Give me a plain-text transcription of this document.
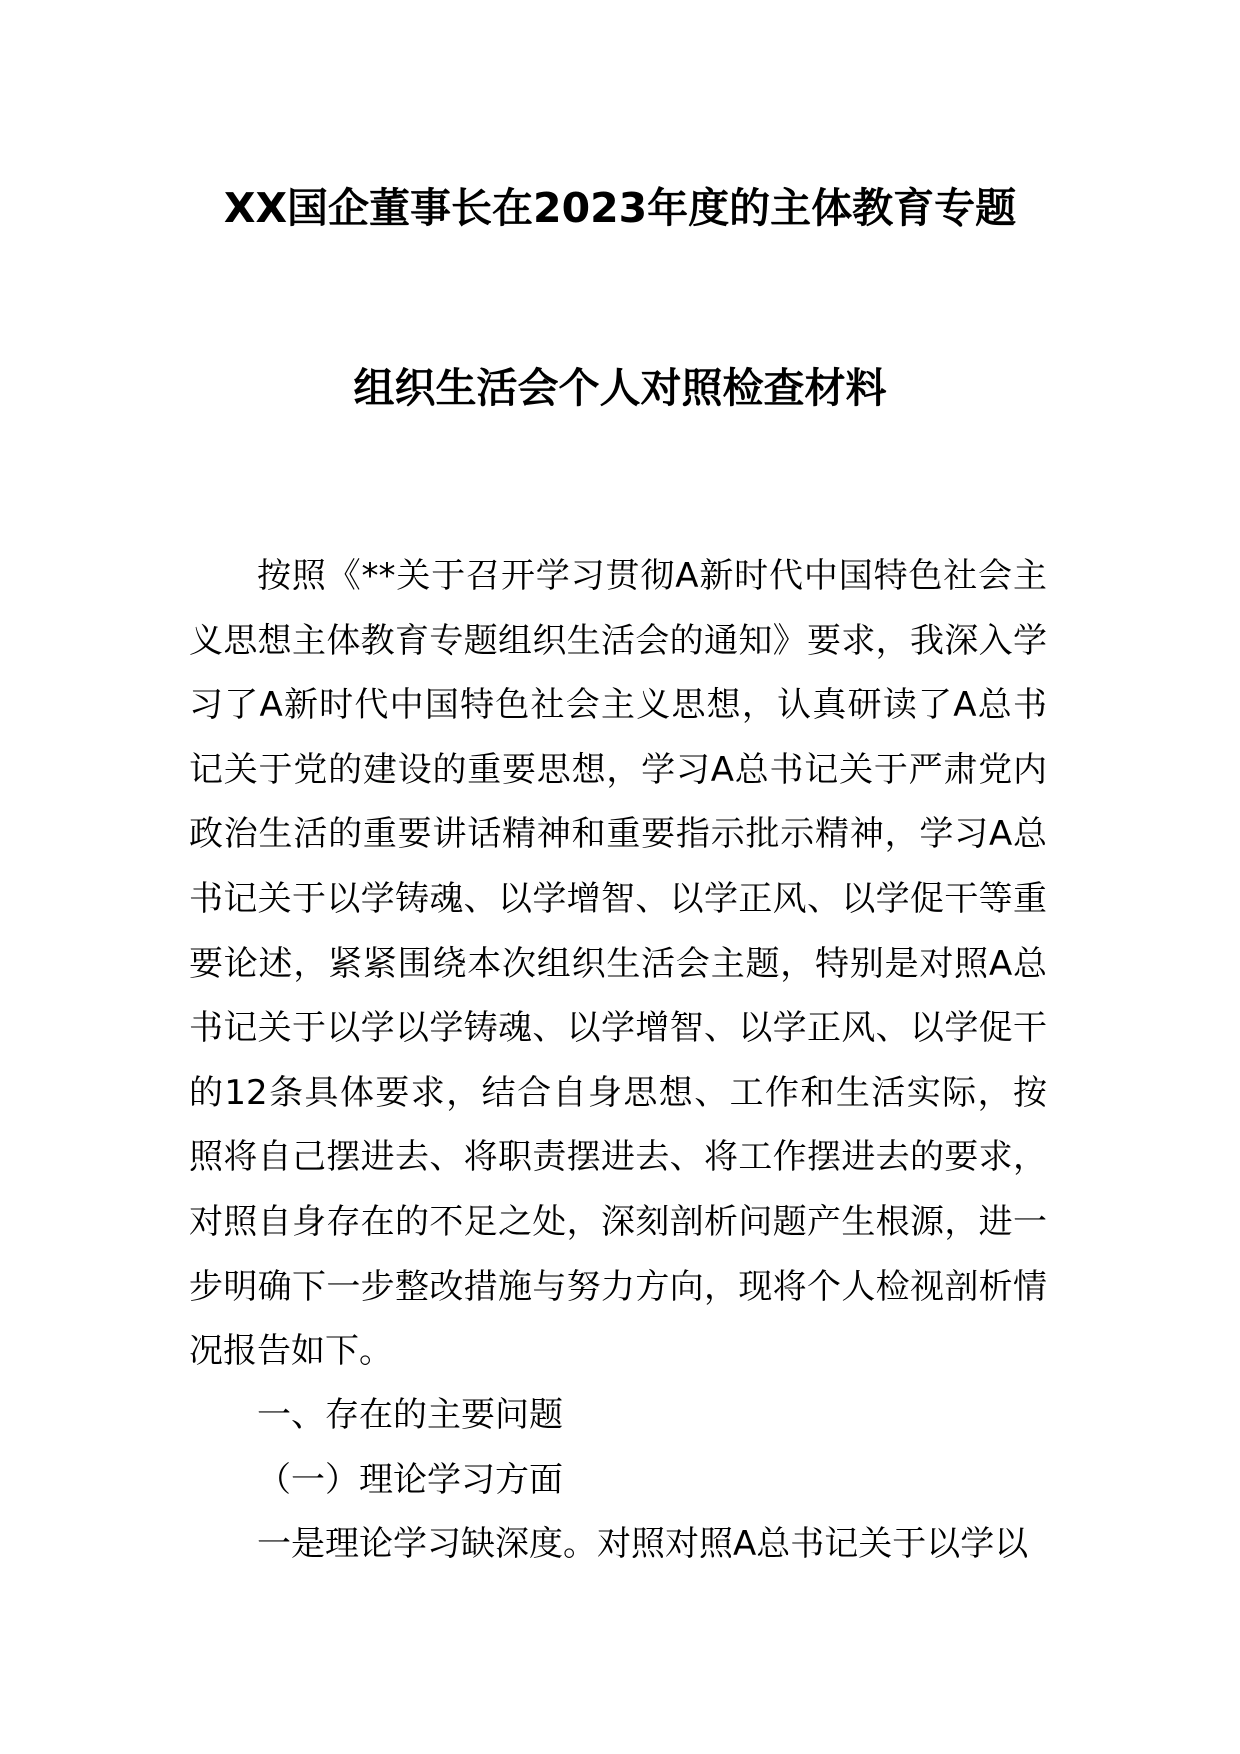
XX国企董事长在2023年度的主体教育专题
组织生活会个人对照检查材料
按照《**关于召开学习贯彻A新时代中国特色社会主义思想主体教育专题组织生活会的通知》要求，我深入学习了A新时代中国特色社会主义思想，认真研读了A总书记关于党的建设的重要思想，学习A总书记关于严肃党内政治生活的重要讲话精神和重要指示批示精神，学习A总书记关于以学铸魂、以学增智、以学正风、以学促干等重要论述，紧紧围绕本次组织生活会主题，特别是对照A总书记关于以学以学铸魂、以学增智、以学正风、以学促干的12条具体要求，结合自身思想、工作和生活实际，按照将自己摆进去、将职责摆进去、将工作摆进去的要求，对照自身存在的不足之处，深刻剖析问题产生根源，进一步明确下一步整改措施与努力方向，现将个人检视剖析情况报告如下。
一、存在的主要问题
（一）理论学习方面
一是理论学习缺深度。对照对照A总书记关于以学以
